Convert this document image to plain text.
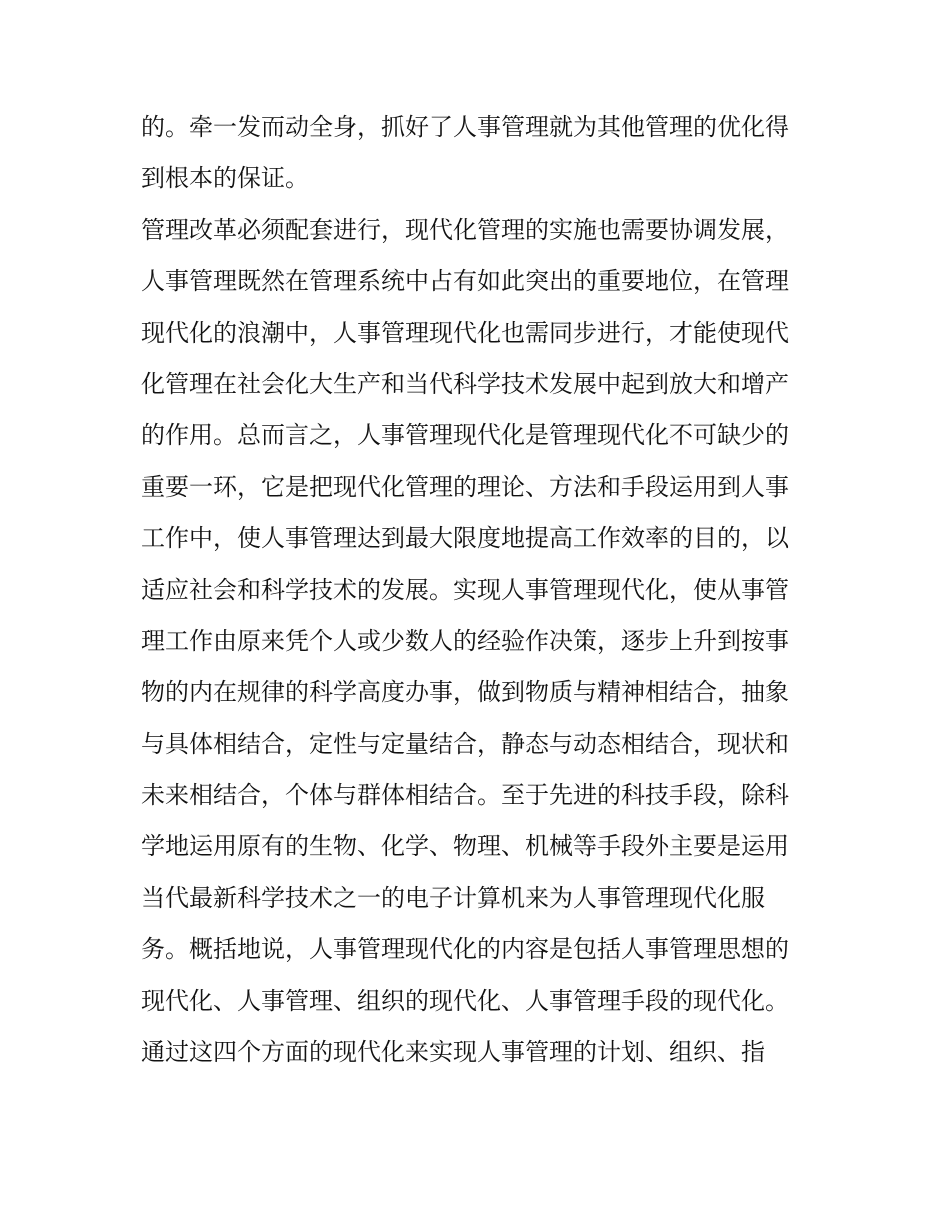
的。牵一发而动全身，抓好了人事管理就为其他管理的优化得
到根本的保证。
管理改革必须配套进行，现代化管理的实施也需要协调发展，
人事管理既然在管理系统中占有如此突出的重要地位，在管理
现代化的浪潮中，人事管理现代化也需同步进行，才能使现代
化管理在社会化大生产和当代科学技术发展中起到放大和增产
的作用。总而言之，人事管理现代化是管理现代化不可缺少的
重要一环，它是把现代化管理的理论、方法和手段运用到人事
工作中，使人事管理达到最大限度地提高工作效率的目的，以
适应社会和科学技术的发展。实现人事管理现代化，使从事管
理工作由原来凭个人或少数人的经验作决策，逐步上升到按事
物的内在规律的科学高度办事，做到物质与精神相结合，抽象
与具体相结合，定性与定量结合，静态与动态相结合，现状和
未来相结合，个体与群体相结合。至于先进的科技手段，除科
学地运用原有的生物、化学、物理、机械等手段外主要是运用
当代最新科学技术之一的电子计算机来为人事管理现代化服
务。概括地说，人事管理现代化的内容是包括人事管理思想的
现代化、人事管理、组织的现代化、人事管理手段的现代化。
通过这四个方面的现代化来实现人事管理的计划、组织、指
